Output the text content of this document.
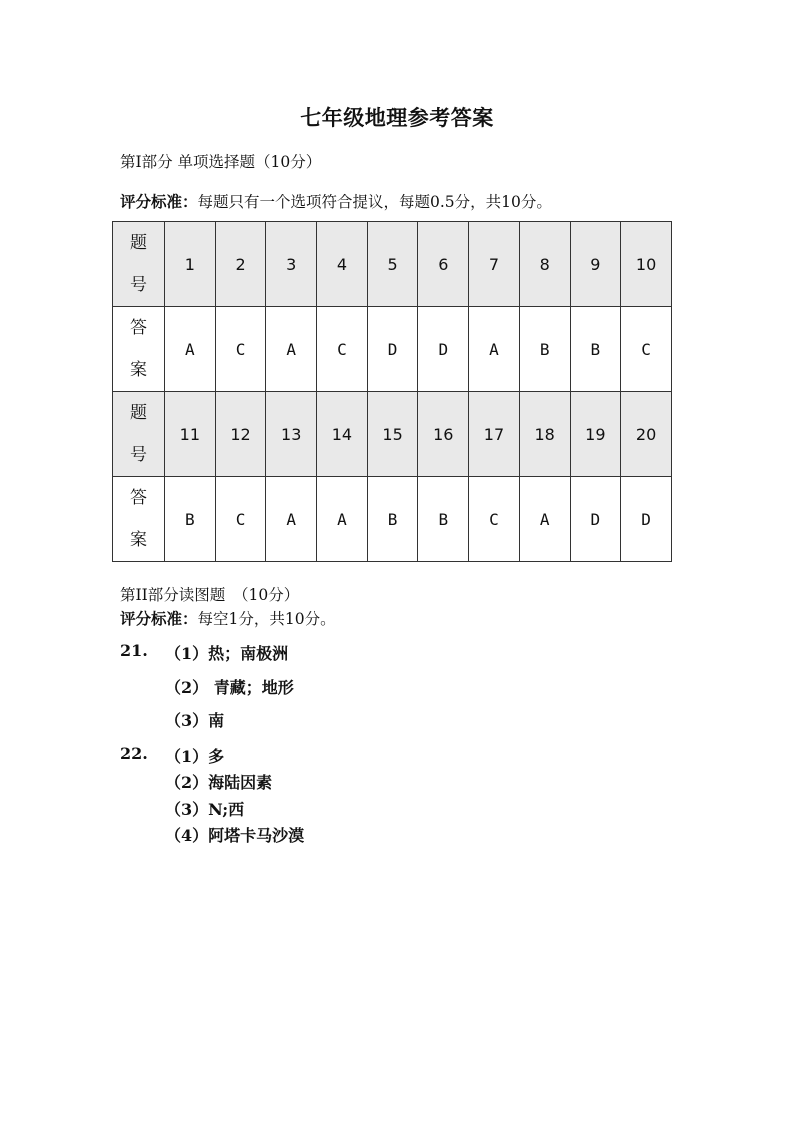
七年级地理参考答案
第Ⅰ部分 单项选择题（10分）
评分标准：每题只有一个选项符合提议，每题0.5分，共10分。
题号	1	2	3	4	5	6	7	8	9	10
答案	A	C	A	C	D	D	A	B	B	C
题号	11	12	13	14	15	16	17	18	19	20
答案	B	C	A	A	B	B	C	A	D	D
第II部分读图题　（10分）
评分标准：每空1分，共10分。
21. （1）热；南极洲
（2） 青藏；地形
（3）南
22. （1）多
（2）海陆因素
（3）N;西
（4）阿塔卡马沙漠
